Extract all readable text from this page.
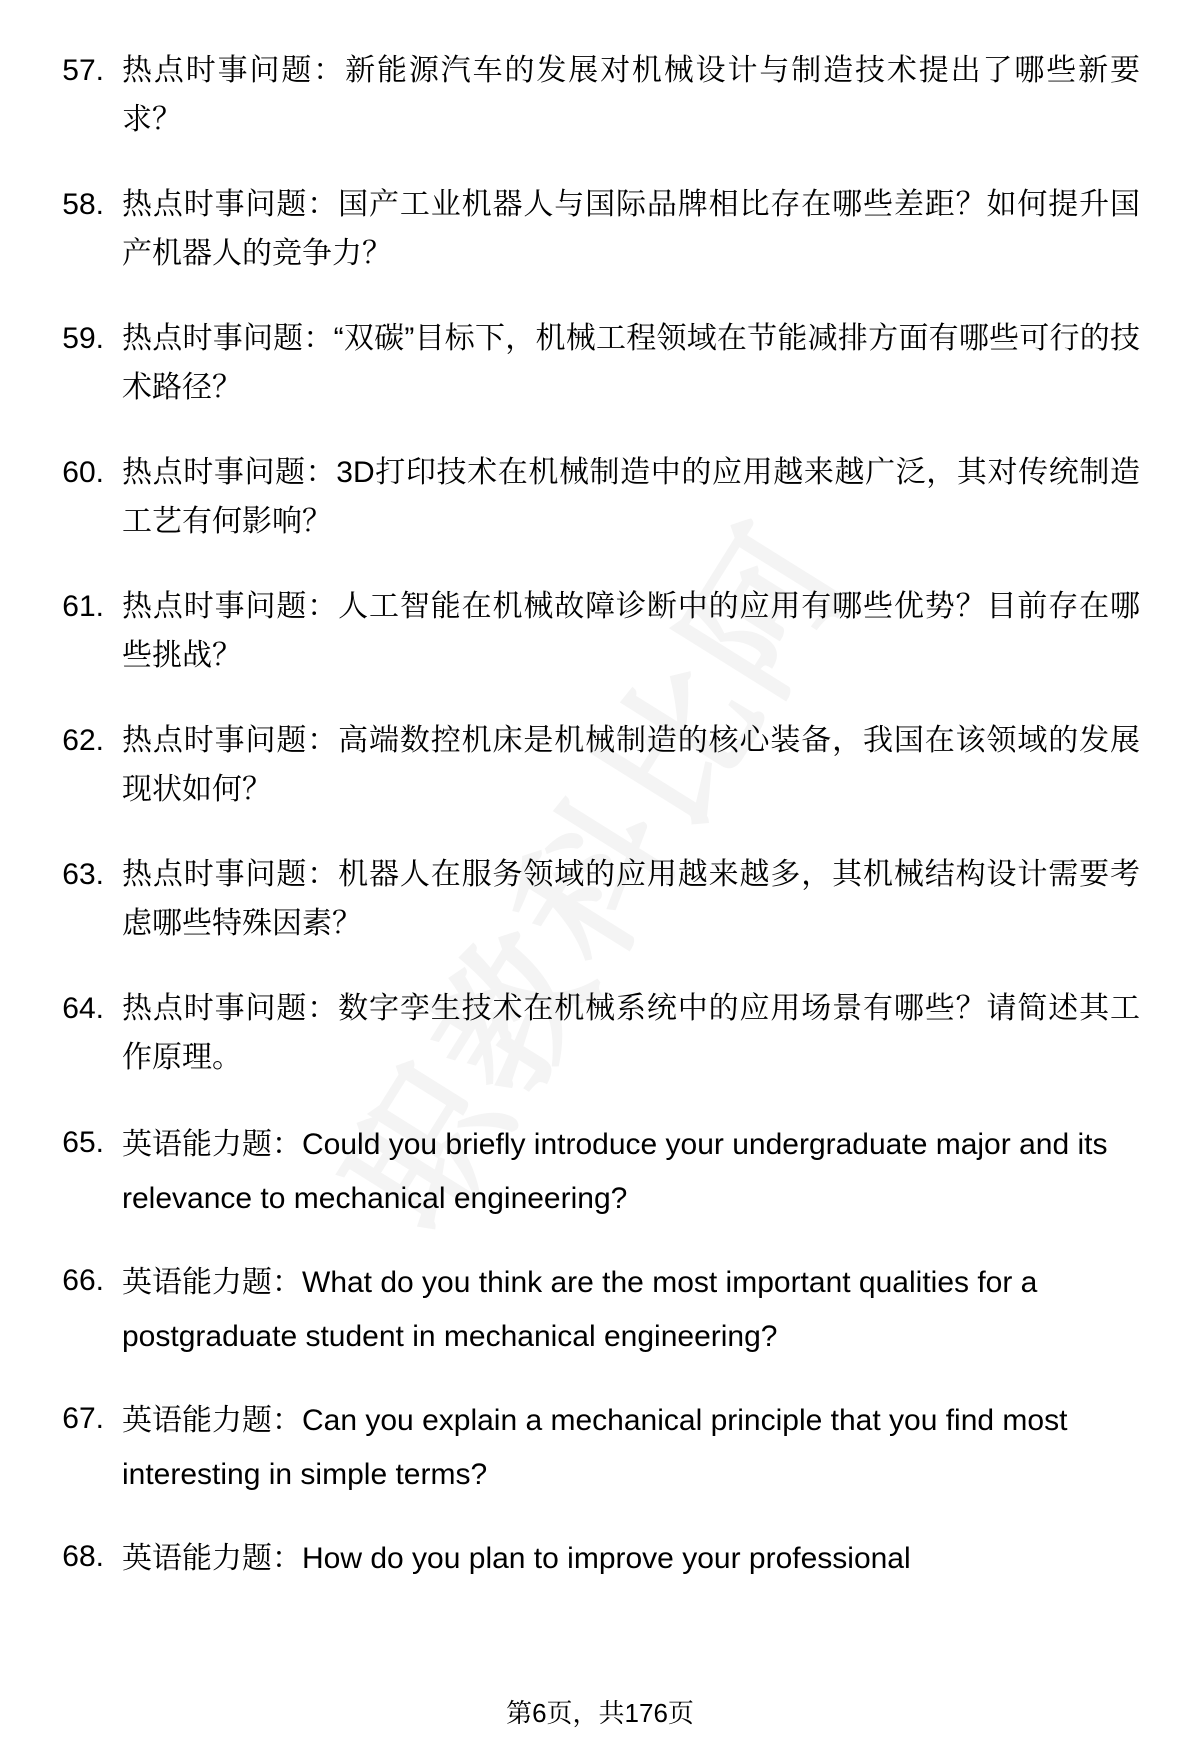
57. 热点时事问题：新能源汽车的发展对机械设计与制造技术提出了哪些新要求？
58. 热点时事问题：国产工业机器人与国际品牌相比存在哪些差距？如何提升国产机器人的竞争力？
59. 热点时事问题：“双碳”目标下，机械工程领域在节能减排方面有哪些可行的技术路径？
60. 热点时事问题：3D打印技术在机械制造中的应用越来越广泛，其对传统制造工艺有何影响？
61. 热点时事问题：人工智能在机械故障诊断中的应用有哪些优势？目前存在哪些挑战？
62. 热点时事问题：高端数控机床是机械制造的核心装备，我国在该领域的发展现状如何？
63. 热点时事问题：机器人在服务领域的应用越来越多，其机械结构设计需要考虑哪些特殊因素？
64. 热点时事问题：数字孪生技术在机械系统中的应用场景有哪些？请简述其工作原理。
65. 英语能力题：Could you briefly introduce your undergraduate major and its relevance to mechanical engineering?
66. 英语能力题：What do you think are the most important qualities for a postgraduate student in mechanical engineering?
67. 英语能力题：Can you explain a mechanical principle that you find most interesting in simple terms?
68. 英语能力题：How do you plan to improve your professional
第6页，共176页
